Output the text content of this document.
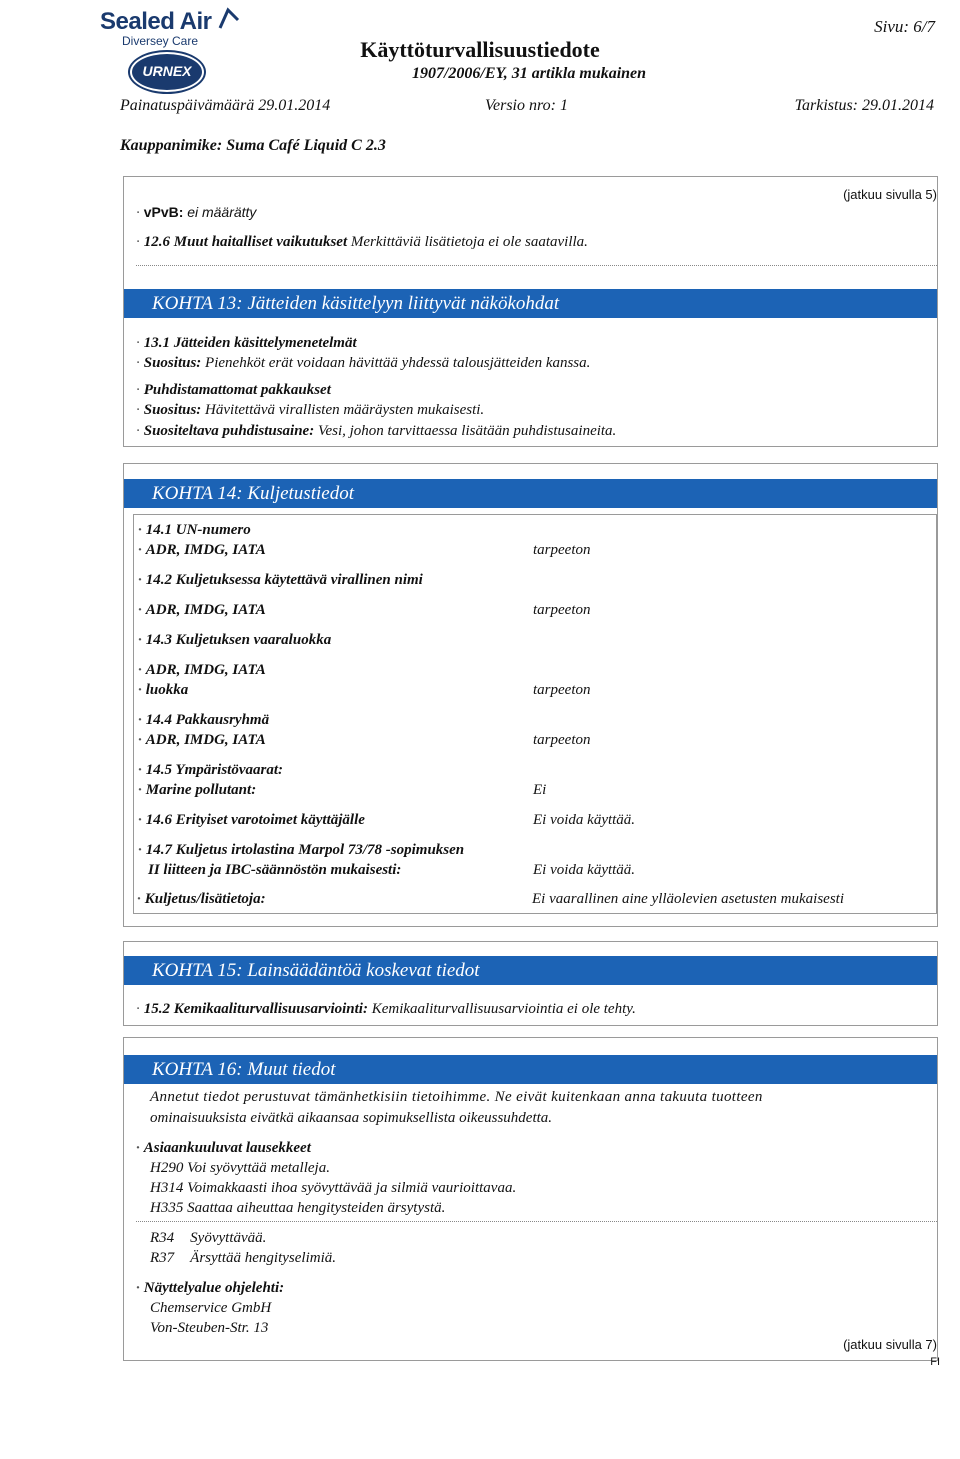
Sealed Air
Diversey Care
URNEX
Käyttöturvallisuustiedote
1907/2006/EY, 31 artikla mukainen
Sivu: 6/7
Painatuspäivämäärä 29.01.2014	Versio nro: 1	Tarkistus: 29.01.2014
Kauppanimike: Suma Café Liquid C 2.3
(jatkuu sivulla 5)
· vPvB: ei määrätty
· 12.6 Muut haitalliset vaikutukset Merkittäviä lisätietoja ei ole saatavilla.
KOHTA 13: Jätteiden käsittelyyn liittyvät näkökohdat
· 13.1 Jätteiden käsittelymenetelmät
· Suositus: Pienehköt erät voidaan hävittää yhdessä talousjätteiden kanssa.
· Puhdistamattomat pakkaukset
· Suositus: Hävitettävä virallisten määräysten mukaisesti.
· Suositeltava puhdistusaine: Vesi, johon tarvittaessa lisätään puhdistusaineita.
KOHTA 14: Kuljetustiedot
· 14.1 UN-numero
· ADR, IMDG, IATA	tarpeeton
· 14.2 Kuljetuksessa käytettävä virallinen nimi
· ADR, IMDG, IATA	tarpeeton
· 14.3 Kuljetuksen vaaraluokka
· ADR, IMDG, IATA
· luokka	tarpeeton
· 14.4 Pakkausryhmä
· ADR, IMDG, IATA	tarpeeton
· 14.5 Ympäristövaarat:
· Marine pollutant:	Ei
· 14.6 Erityiset varotoimet käyttäjälle	Ei voida käyttää.
· 14.7 Kuljetus irtolastina Marpol 73/78 -sopimuksen
II liitteen ja IBC-säännöstön mukaisesti:	Ei voida käyttää.
· Kuljetus/lisätietoja:	Ei vaarallinen aine ylläolevien asetusten mukaisesti
KOHTA 15: Lainsäädäntöä koskevat tiedot
· 15.2 Kemikaaliturvallisuusarviointi: Kemikaaliturvallisuusarviointia ei ole tehty.
KOHTA 16: Muut tiedot
Annetut tiedot perustuvat tämänhetkisiin tietoihimme. Ne eivät kuitenkaan anna takuuta tuotteen
ominaisuuksista eivätkä aikaansaa sopimuksellista oikeussuhdetta.
· Asiaankuuluvat lausekkeet
H290 Voi syövyttää metalleja.
H314 Voimakkaasti ihoa syövyttävää ja silmiä vaurioittavaa.
H335 Saattaa aiheuttaa hengitysteiden ärsytystä.
R34 Syövyttävää.
R37 Ärsyttää hengityselimiä.
· Näyttelyalue ohjelehti:
Chemservice GmbH
Von-Steuben-Str. 13
(jatkuu sivulla 7)
FI
